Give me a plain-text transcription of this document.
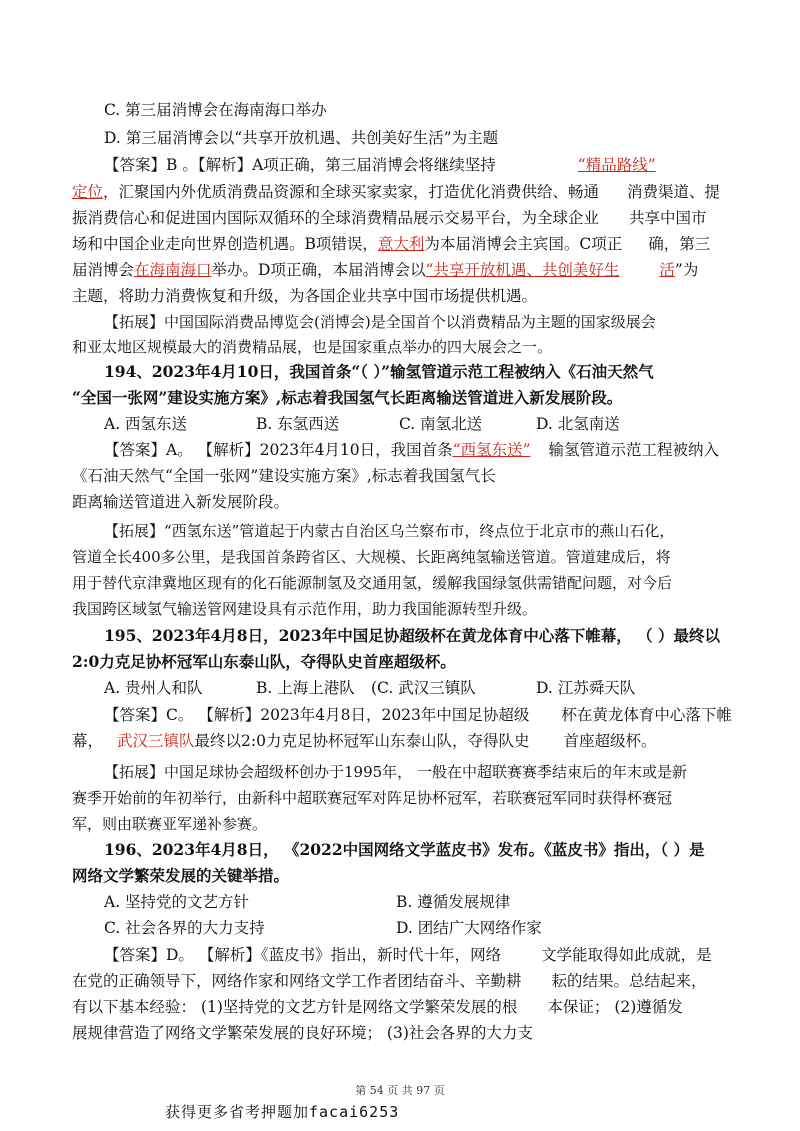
C. 第三届消博会在海南海口举办
D. 第三届消博会以“共享开放机遇、共创美好生活”为主题
【答案】B 。【解析】A项正确，第三届消博会将继续坚持	“精品路线”
定位，汇聚国内外优质消费品资源和全球买家卖家，打造优化消费供给、畅通 消费渠道、提
振消费信心和促进国内国际双循环的全球消费精品展示交易平台，为全球企业 共享中国市
场和中国企业走向世界创造机遇。B项错误，意大利为本届消博会主宾国。C项正 确，第三
届消博会在海南海口举办。D项正确，本届消博会以“共享开放机遇、共创美好生	活”为
主题，将助力消费恢复和升级，为各国企业共享中国市场提供机遇。
【拓展】中国国际消费品博览会(消博会)是全国首个以消费精品为主题的国家级展会
和亚太地区规模最大的消费精品展，也是国家重点举办的四大展会之一。
194、2023年4月10日，我国首条“（ ）”输氢管道示范工程被纳入《石油天然气
“全国一张网”建设实施方案》,标志着我国氢气长距离输送管道进入新发展阶段。
A. 西氢东送	B. 东氢西送	C. 南氢北送	D. 北氢南送
【答案】A。 【解析】2023年4月10日，我国首条“西氢东送” 输氢管道示范工程被纳入
《石油天然气“全国一张网”建设实施方案》,标志着我国氢气长
距离输送管道进入新发展阶段。
【拓展】“西氢东送”管道起于内蒙古自治区乌兰察布市，终点位于北京市的燕山石化，
管道全长400多公里，是我国首条跨省区、大规模、长距离纯氢输送管道。管道建成后，将
用于替代京津冀地区现有的化石能源制氢及交通用氢，缓解我国绿氢供需错配问题，对今后
我国跨区域氢气输送管网建设具有示范作用，助力我国能源转型升级。
195、2023年4月8日，2023年中国足协超级杯在黄龙体育中心落下帷幕， （ ）最终以
2:0力克足协杯冠军山东泰山队，夺得队史首座超级杯。
A. 贵州人和队	B. 上海上港队 (C. 武汉三镇队	D. 江苏舜天队
【答案】C。 【解析】2023年4月8日，2023年中国足协超级 杯在黄龙体育中心落下帷
幕， 武汉三镇队最终以2:0力克足协杯冠军山东泰山队，夺得队史 首座超级杯。
【拓展】中国足球协会超级杯创办于1995年， 一般在中超联赛赛季结束后的年末或是新
赛季开始前的年初举行，由新科中超联赛冠军对阵足协杯冠军，若联赛冠军同时获得杯赛冠
军，则由联赛亚军递补参赛。
196、2023年4月8日， 《2022中国网络文学蓝皮书》发布。《蓝皮书》指出，（ ）是
网络文学繁荣发展的关键举措。
A. 坚持党的文艺方针	B. 遵循发展规律
C. 社会各界的大力支持	D. 团结广大网络作家
【答案】D。 【解析】《蓝皮书》指出，新时代十年，网络	文学能取得如此成就，是
在党的正确领导下，网络作家和网络文学工作者团结奋斗、辛勤耕 耘的结果。总结起来，
有以下基本经验： (1)坚持党的文艺方针是网络文学繁荣发展的根 本保证； (2)遵循发
展规律营造了网络文学繁荣发展的良好环境； (3)社会各界的大力支
第 54 页 共 97 页
获得更多省考押题加facai6253
